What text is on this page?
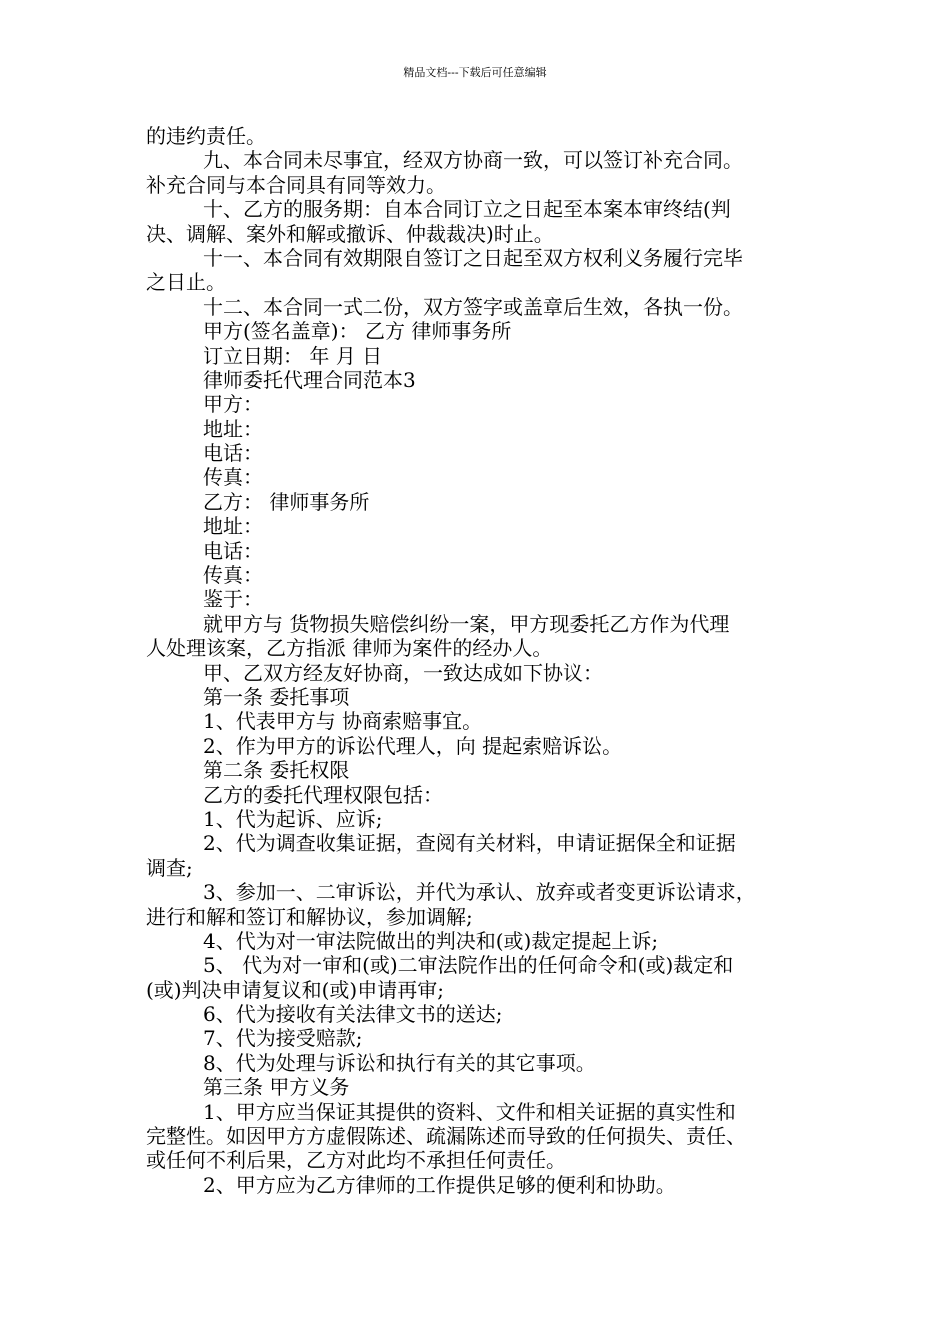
精品文档---下载后可任意编辑
的违约责任。
九、本合同未尽事宜，经双方协商一致，可以签订补充合同。
补充合同与本合同具有同等效力。
十、乙方的服务期：自本合同订立之日起至本案本审终结(判
决、调解、案外和解或撤诉、仲裁裁决)时止。
十一、本合同有效期限自签订之日起至双方权利义务履行完毕
之日止。
十二、本合同一式二份，双方签字或盖章后生效，各执一份。
甲方(签名盖章)： 乙方 律师事务所
订立日期： 年 月 日
律师委托代理合同范本3
甲方：
地址：
电话：
传真：
乙方： 律师事务所
地址：
电话：
传真：
鉴于：
就甲方与 货物损失赔偿纠纷一案，甲方现委托乙方作为代理
人处理该案，乙方指派 律师为案件的经办人。
甲、乙双方经友好协商，一致达成如下协议：
第一条 委托事项
1、代表甲方与 协商索赔事宜。
2、作为甲方的诉讼代理人，向 提起索赔诉讼。
第二条 委托权限
乙方的委托代理权限包括：
1、代为起诉、应诉;
2、代为调查收集证据，查阅有关材料，申请证据保全和证据
调查;
3、参加一、二审诉讼，并代为承认、放弃或者变更诉讼请求，
进行和解和签订和解协议，参加调解;
4、代为对一审法院做出的判决和(或)裁定提起上诉;
5、 代为对一审和(或)二审法院作出的任何命令和(或)裁定和
(或)判决申请复议和(或)申请再审;
6、代为接收有关法律文书的送达;
7、代为接受赔款;
8、代为处理与诉讼和执行有关的其它事项。
第三条 甲方义务
1、甲方应当保证其提供的资料、文件和相关证据的真实性和
完整性。如因甲方方虚假陈述、疏漏陈述而导致的任何损失、责任、
或任何不利后果，乙方对此均不承担任何责任。
2、甲方应为乙方律师的工作提供足够的便利和协助。
